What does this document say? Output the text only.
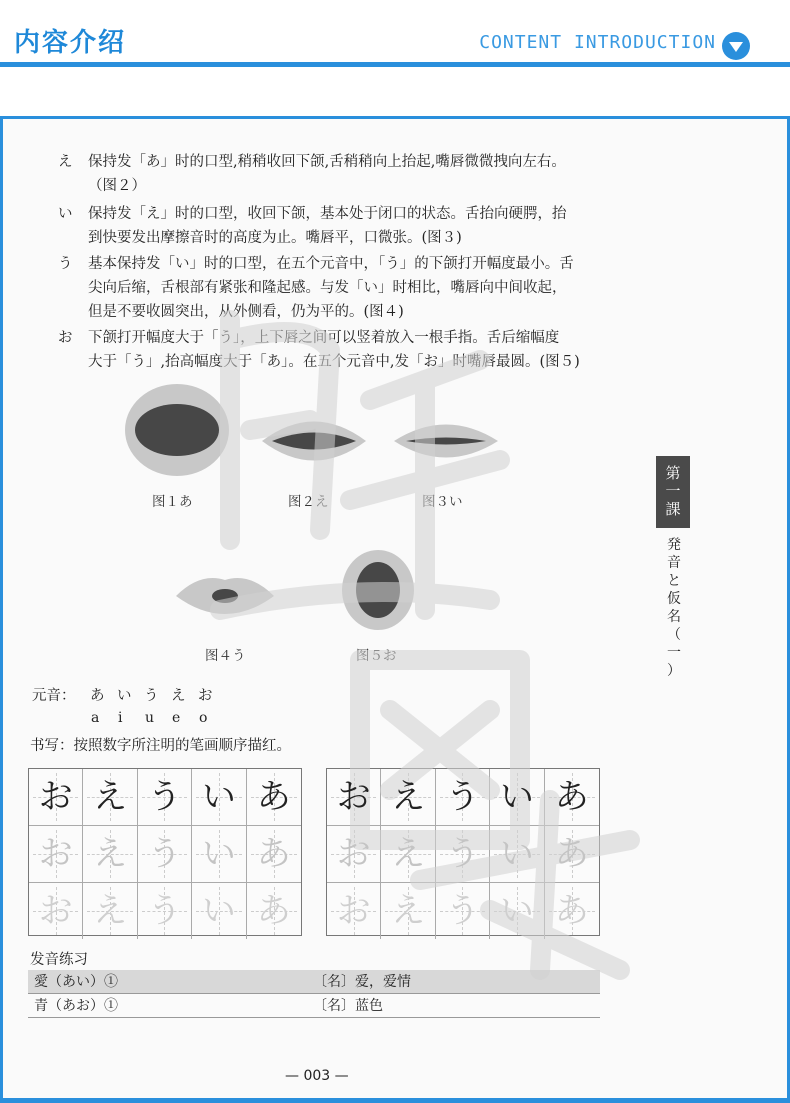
内容介绍	CONTENT INTRODUCTION
え	保持发「あ」时的口型,稍稍收回下颌,舌稍稍向上抬起,嘴唇微微拽向左右。
（图２）
い	保持发「え」时的口型，收回下颌，基本处于闭口的状态。舌抬向硬腭，抬
到快要发出摩擦音时的高度为止。嘴唇平，口微张。(图３)
う	基本保持发「い」时的口型，在五个元音中，「う」的下颌打开幅度最小。舌
尖向后缩，舌根部有紧张和隆起感。与发「い」时相比，嘴唇向中间收起，
但是不要收圆突出，从外侧看，仍为平的。(图４)
お	下颌打开幅度大于「う」，上下唇之间可以竖着放入一根手指。舌后缩幅度
大于「う」,抬高幅度大于「あ」。在五个元音中,发「お」时嘴唇最圆。(图５)
图１あ	图２え	图３い
图４う	图５お
第
一
課
発
音
と
仮
名
（
一
）
元音： あ い う え お
a i u e o
书写：按照数字所注明的笔画顺序描红。
お え う い あ
お え う い あ
お え う い あ
お え う い あ
お え う い あ
お え う い あ
发音练习
愛（あい）①	〔名〕爱，爱情
青（あお）①	〔名〕蓝色
— 003 —
